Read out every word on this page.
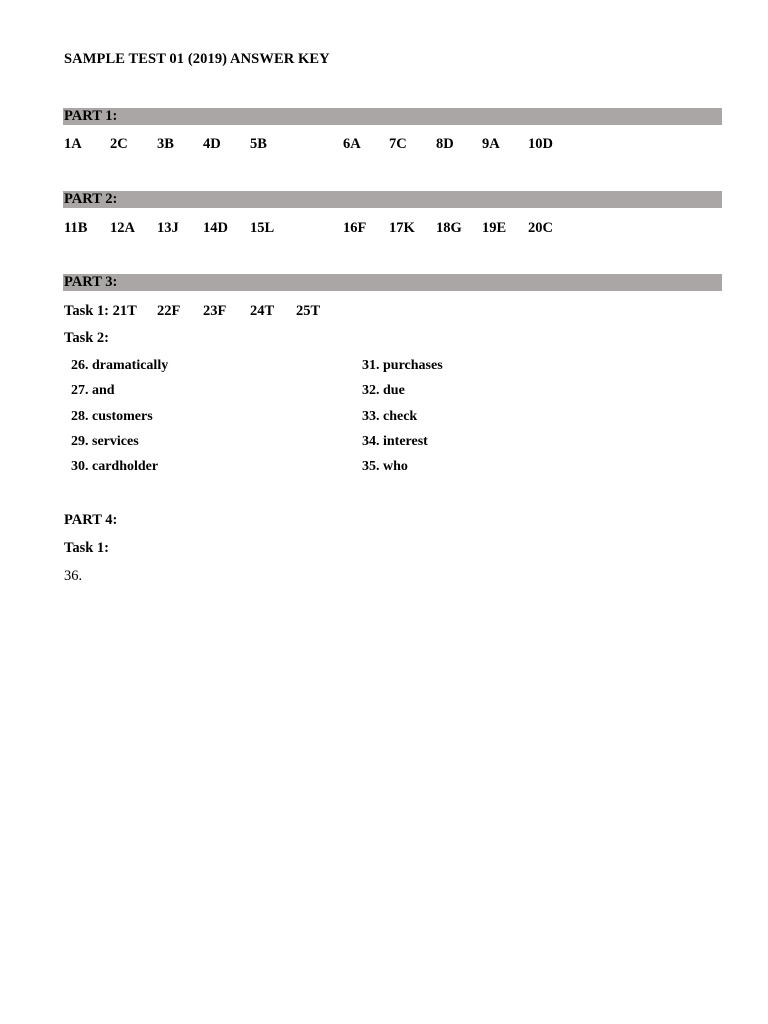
SAMPLE TEST 01 (2019) ANSWER KEY
PART 1:
1A 2C 3B 4D 5B	6A 7C 8D 9A 10D
PART 2:
11B 12A 13J 14D 15L	16F 17K 18G 19E 20C
PART 3:
Task 1: 21T 22F 23F 24T 25T
Task 2:
26. dramatically
27. and
28. customers
29. services
30. cardholder
31. purchases
32. due
33. check
34. interest
35. who
PART 4:
Task 1:
36.
